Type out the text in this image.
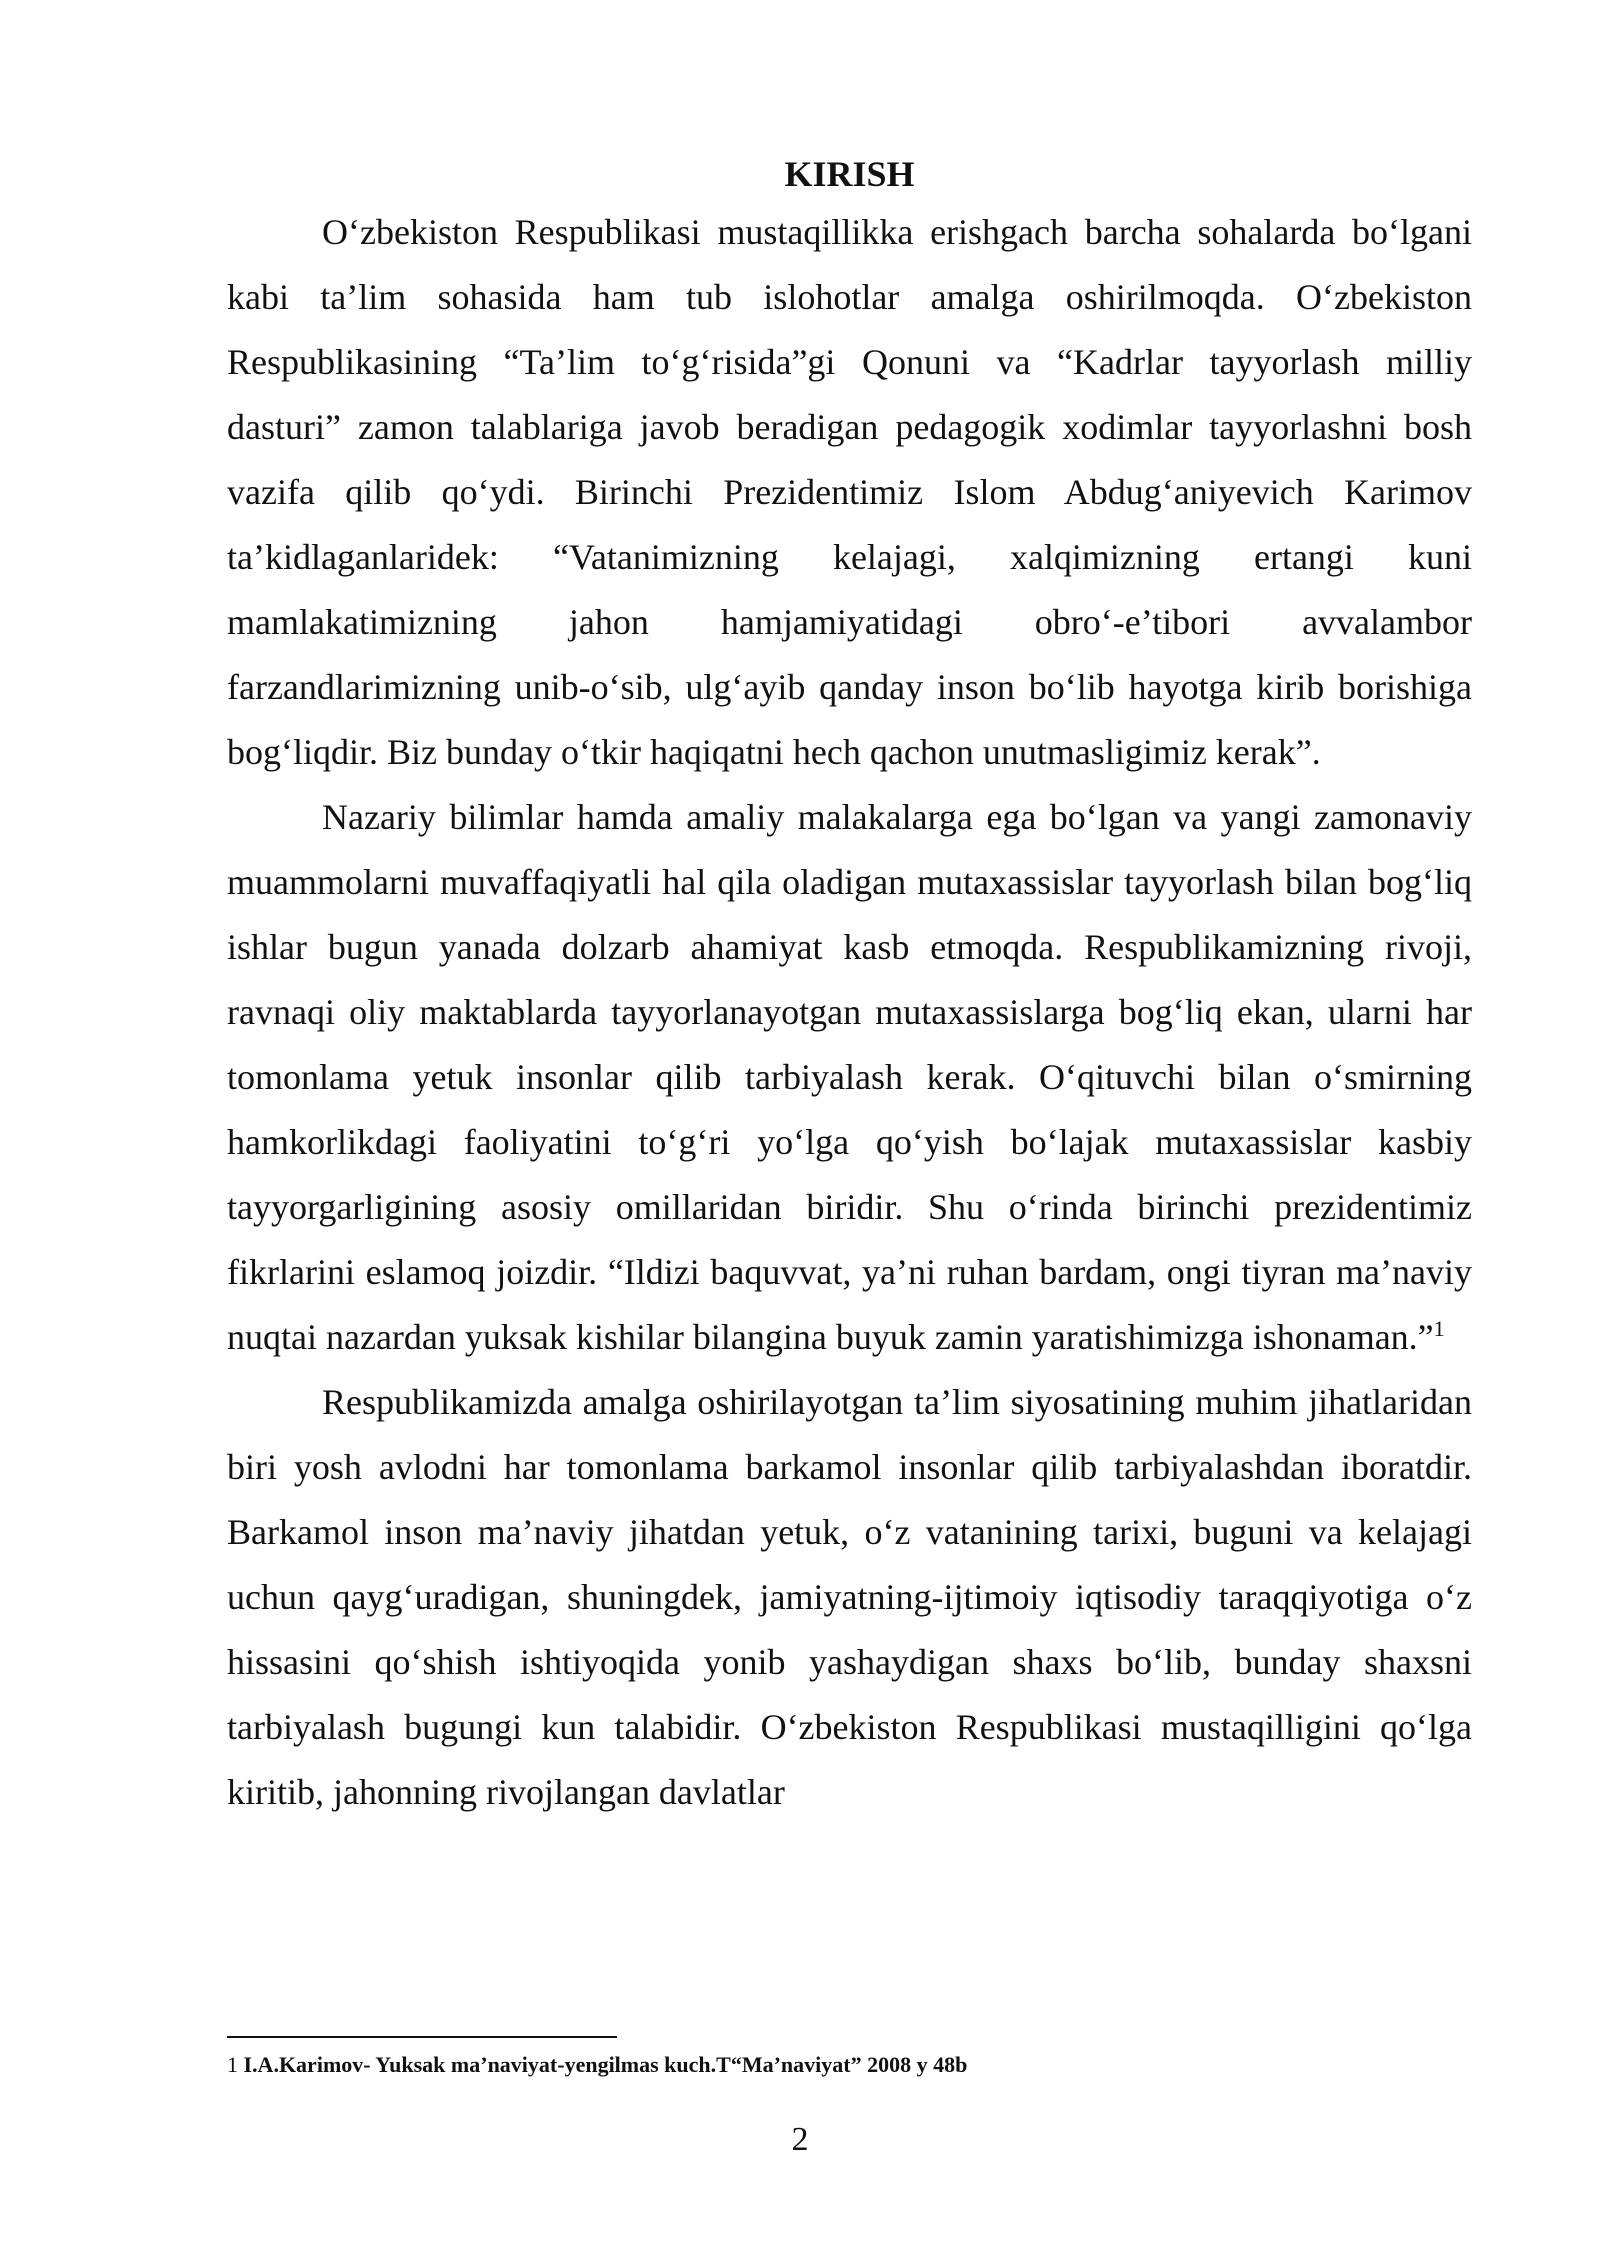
KIRISH

O‘zbekiston Respublikasi mustaqillikka erishgach barcha sohalarda bo‘lgani kabi ta’lim sohasida ham tub islohotlar amalga oshirilmoqda. O‘zbekiston Respublikasining “Ta’lim to‘g‘risida”gi Qonuni va “Kadrlar tayyorlash milliy dasturi” zamon talablariga javob beradigan pedagogik xodimlar tayyorlashni bosh vazifa qilib qo‘ydi. Birinchi Prezidentimiz Islom Abdug‘aniyevich Karimov ta’kidlaganlaridek: “Vatanimizning kelajagi, xalqimizning ertangi kuni mamlakatimizning jahon hamjamiyatidagi obro‘-e’tibori avvalambor farzandlarimizning unib-o‘sib, ulg‘ayib qanday inson bo‘lib hayotga kirib borishiga bog‘liqdir. Biz bunday o‘tkir haqiqatni hech qachon unutmasligimiz kerak”.

Nazariy bilimlar hamda amaliy malakalarga ega bo‘lgan va yangi zamonaviy muammolarni muvaffaqiyatli hal qila oladigan mutaxassislar tayyorlash bilan bog‘liq ishlar bugun yanada dolzarb ahamiyat kasb etmoqda. Respublikamizning rivoji, ravnaqi oliy maktablarda tayyorlanayotgan mutaxassislarga bog‘liq ekan, ularni har tomonlama yetuk insonlar qilib tarbiyalash kerak. O‘qituvchi bilan o‘smirning hamkorlikdagi faoliyatini to‘g‘ri yo‘lga qo‘yish bo‘lajak mutaxassislar kasbiy tayyorgarligining asosiy omillaridan biridir. Shu o‘rinda birinchi prezidentimiz fikrlarini eslamoq joizdir. “Ildizi baquvvat, ya’ni ruhan bardam, ongi tiyran ma’naviy nuqtai nazardan yuksak kishilar bilangina buyuk zamin yaratishimizga ishonaman.”$^1$

Respublikamizda amalga oshirilayotgan ta’lim siyosatining muhim jihatlaridan biri yosh avlodni har tomonlama barkamol insonlar qilib tarbiyalashdan iboratdir. Barkamol inson ma’naviy jihatdan yetuk, o‘z vatanining tarixi, buguni va kelajagi uchun qayg‘uradigan, shuningdek, jamiyatning-ijtimoiy iqtisodiy taraqqiyotiga o‘z hissasini qo‘shish ishtiyoqida yonib yashaydigan shaxs bo‘lib, bunday shaxsni tarbiyalash bugungi kun talabidir. O‘zbekiston Respublikasi mustaqilligini qo‘lga kiritib, jahonning rivojlangan davlatlar

1 I.A.Karimov- Yuksak ma’naviyat-yengilmas kuch.T“Ma’naviyat” 2008 y 48b
2
